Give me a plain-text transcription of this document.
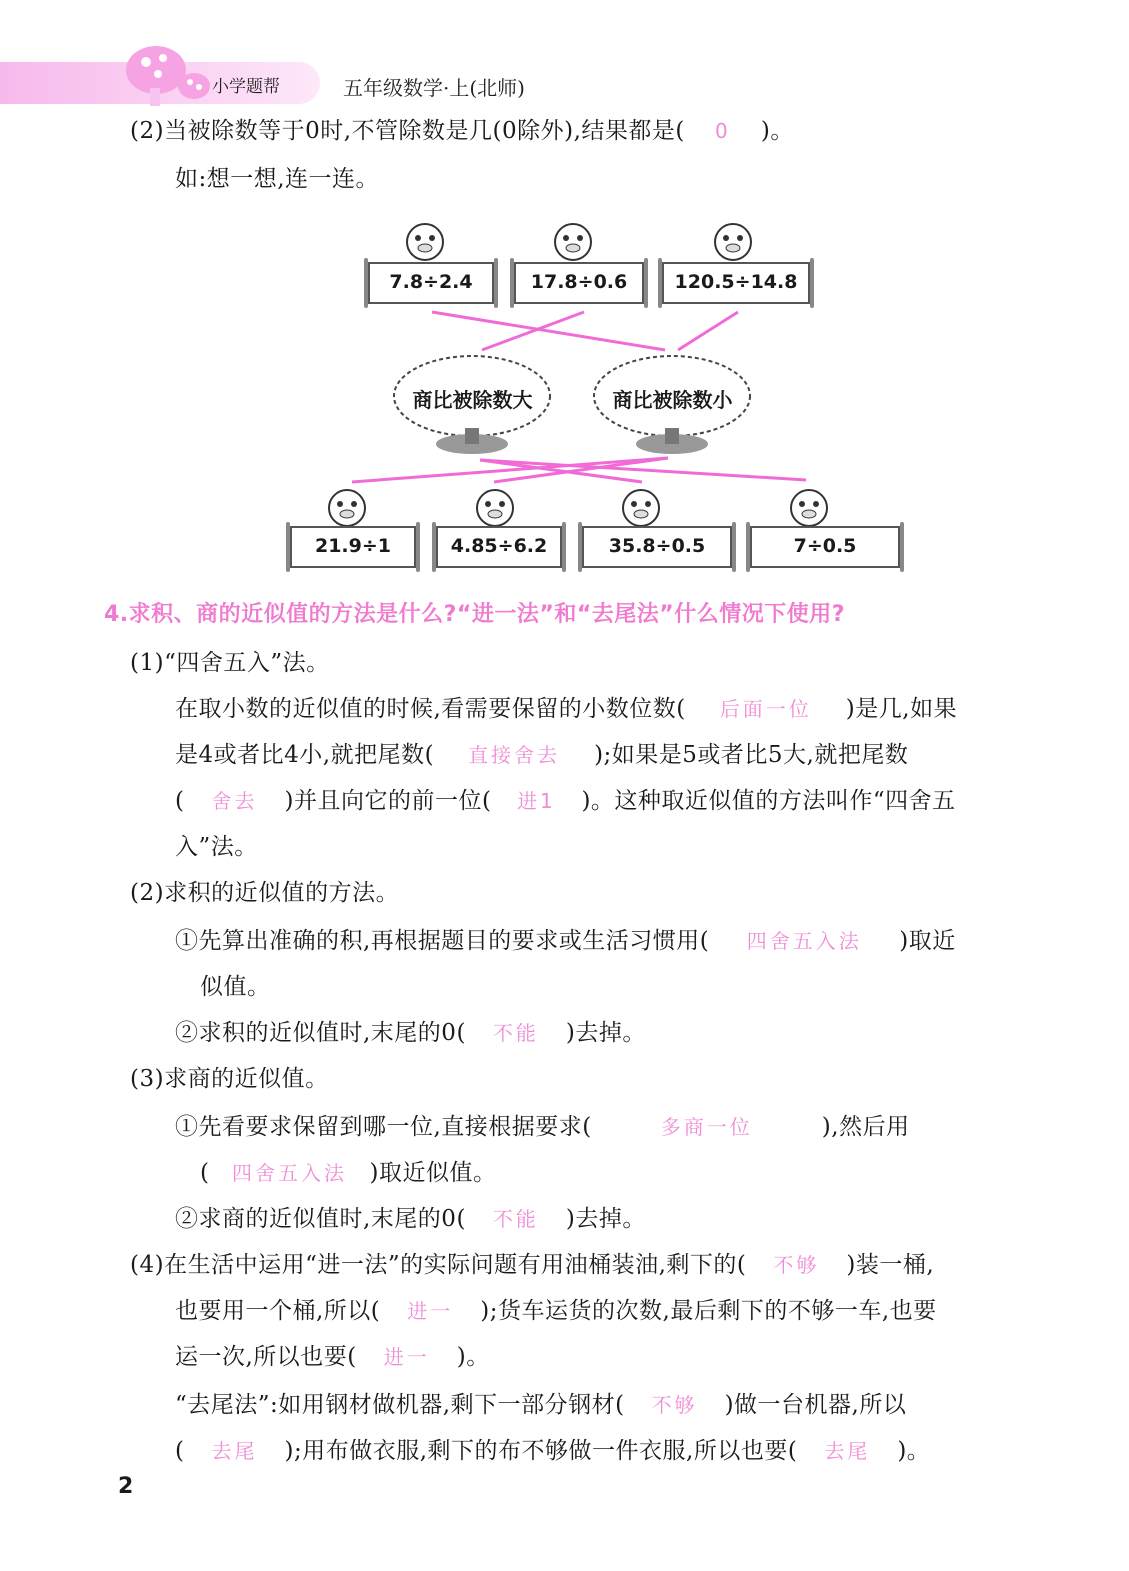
小学题帮	五年级数学·上(北师)
(2)当被除数等于0时,不管除数是几(0除外),结果都是( 0 )。
如:想一想,连一连。
7.8÷2.4	17.8÷0.6	120.5÷14.8
商比被除数大	商比被除数小
21.9÷1	4.85÷6.2	35.8÷0.5	7÷0.5
4.求积、商的近似值的方法是什么?“进一法”和“去尾法”什么情况下使用?
(1)“四舍五入”法。
在取小数的近似值的时候,看需要保留的小数位数( 后面一位 )是几,如果
是4或者比4小,就把尾数( 直接舍去 );如果是5或者比5大,就把尾数
( 舍去 )并且向它的前一位( 进1 )。这种取近似值的方法叫作“四舍五
入”法。
(2)求积的近似值的方法。
①先算出准确的积,再根据题目的要求或生活习惯用( 四舍五入法 )取近
似值。
②求积的近似值时,末尾的0( 不能 )去掉。
(3)求商的近似值。
①先看要求保留到哪一位,直接根据要求(	多商一位	),然后用
( 四舍五入法 )取近似值。
②求商的近似值时,末尾的0( 不能 )去掉。
(4)在生活中运用“进一法”的实际问题有用油桶装油,剩下的( 不够 )装一桶,
也要用一个桶,所以( 进一 );货车运货的次数,最后剩下的不够一车,也要
运一次,所以也要( 进一 )。
“去尾法”:如用钢材做机器,剩下一部分钢材( 不够 )做一台机器,所以
( 去尾 );用布做衣服,剩下的布不够做一件衣服,所以也要( 去尾 )。
2
